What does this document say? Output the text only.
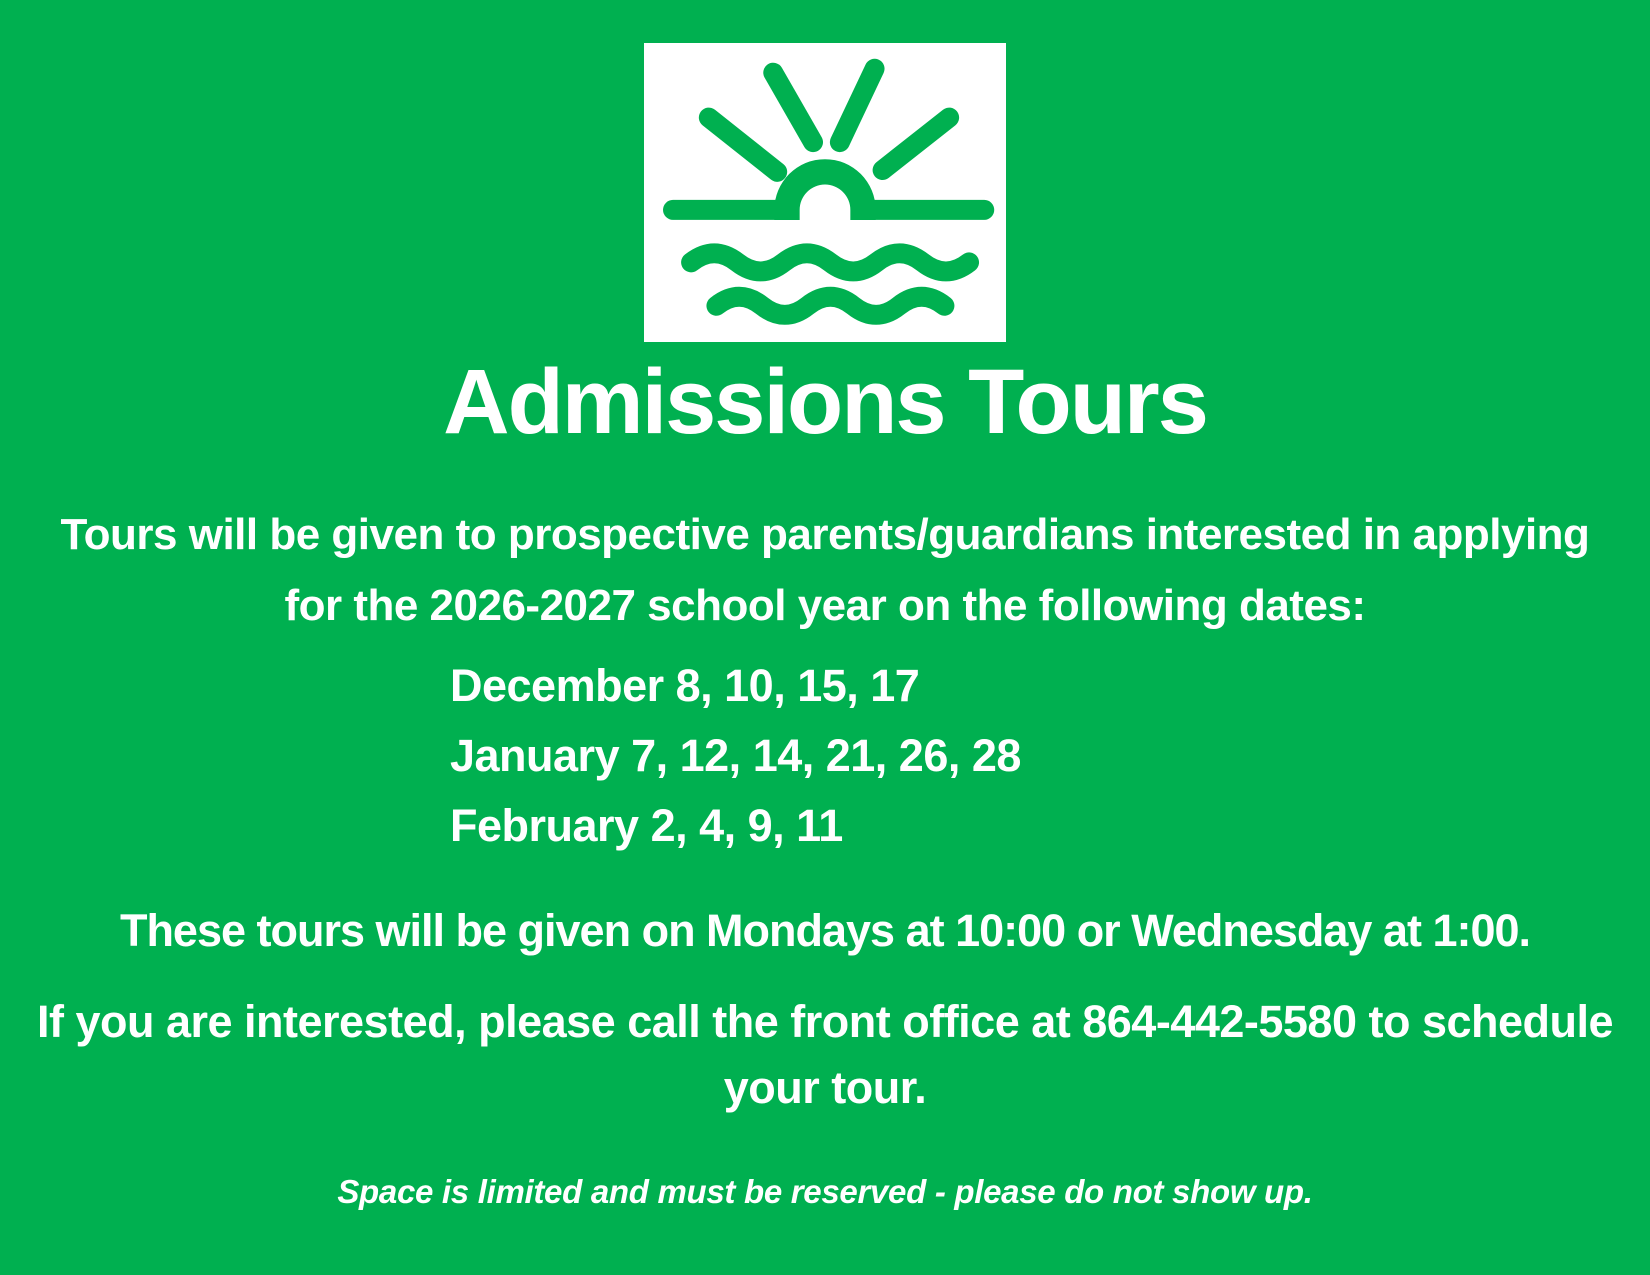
Admissions Tours

Tours will be given to prospective parents/guardians interested in applying for the 2026-2027 school year on the following dates:

December 8, 10, 15, 17
January 7, 12, 14, 21, 26, 28
February 2, 4, 9, 11

These tours will be given on Mondays at 10:00 or Wednesday at 1:00.

If you are interested, please call the front office at 864-442-5580 to schedule your tour.

Space is limited and must be reserved - please do not show up.
